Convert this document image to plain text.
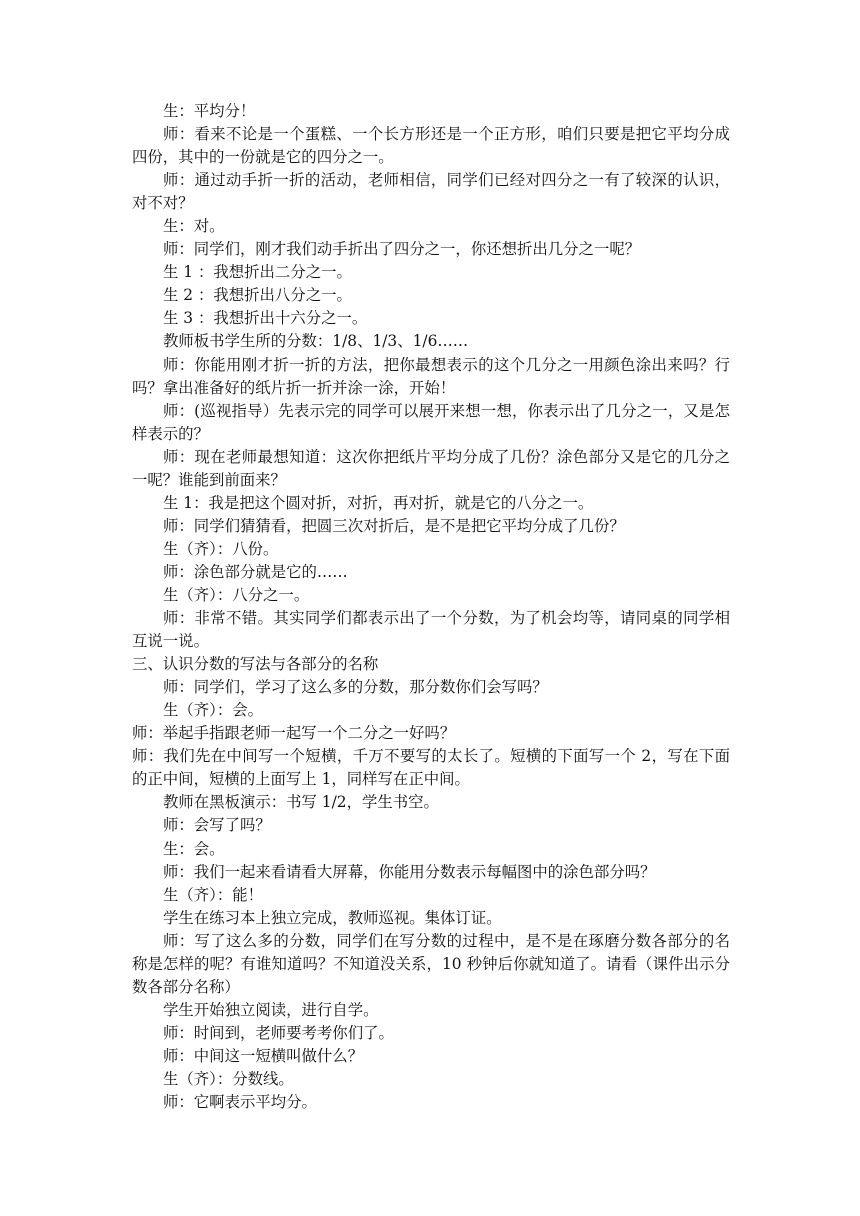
生：平均分！

师：看来不论是一个蛋糕、一个长方形还是一个正方形，咱们只要是把它平均分成四份，其中的一份就是它的四分之一。

师：通过动手折一折的活动，老师相信，同学们已经对四分之一有了较深的认识，对不对？

生：对。

师：同学们，刚才我们动手折出了四分之一，你还想折出几分之一呢？

生 1 ：我想折出二分之一。

生 2 ：我想折出八分之一。

生 3 ：我想折出十六分之一。

教师板书学生所的分数：1/8、1/3、1/6……

师：你能用刚才折一折的方法，把你最想表示的这个几分之一用颜色涂出来吗？行吗？拿出准备好的纸片折一折并涂一涂，开始！

师：(巡视指导）先表示完的同学可以展开来想一想，你表示出了几分之一，又是怎样表示的？

师：现在老师最想知道：这次你把纸片平均分成了几份？涂色部分又是它的几分之一呢？谁能到前面来？

生 1：我是把这个圆对折，对折，再对折，就是它的八分之一。

师：同学们猜猜看，把圆三次对折后，是不是把它平均分成了几份？

生（齐）：八份。

师：涂色部分就是它的……

生（齐）：八分之一。

师：非常不错。其实同学们都表示出了一个分数，为了机会均等，请同桌的同学相互说一说。

三、认识分数的写法与各部分的名称

师：同学们，学习了这么多的分数，那分数你们会写吗？

生（齐）：会。

师：举起手指跟老师一起写一个二分之一好吗？

师：我们先在中间写一个短横，千万不要写的太长了。短横的下面写一个 2，写在下面的正中间，短横的上面写上 1，同样写在正中间。

教师在黑板演示：书写 1/2，学生书空。

师：会写了吗？

生：会。

师：我们一起来看请看大屏幕，你能用分数表示每幅图中的涂色部分吗？

生（齐）：能！

学生在练习本上独立完成，教师巡视。集体订证。

师：写了这么多的分数，同学们在写分数的过程中，是不是在琢磨分数各部分的名称是怎样的呢？有谁知道吗？不知道没关系，10 秒钟后你就知道了。请看（课件出示分数各部分名称）

学生开始独立阅读，进行自学。

师：时间到，老师要考考你们了。

师：中间这一短横叫做什么？

生（齐）：分数线。

师：它啊表示平均分。
